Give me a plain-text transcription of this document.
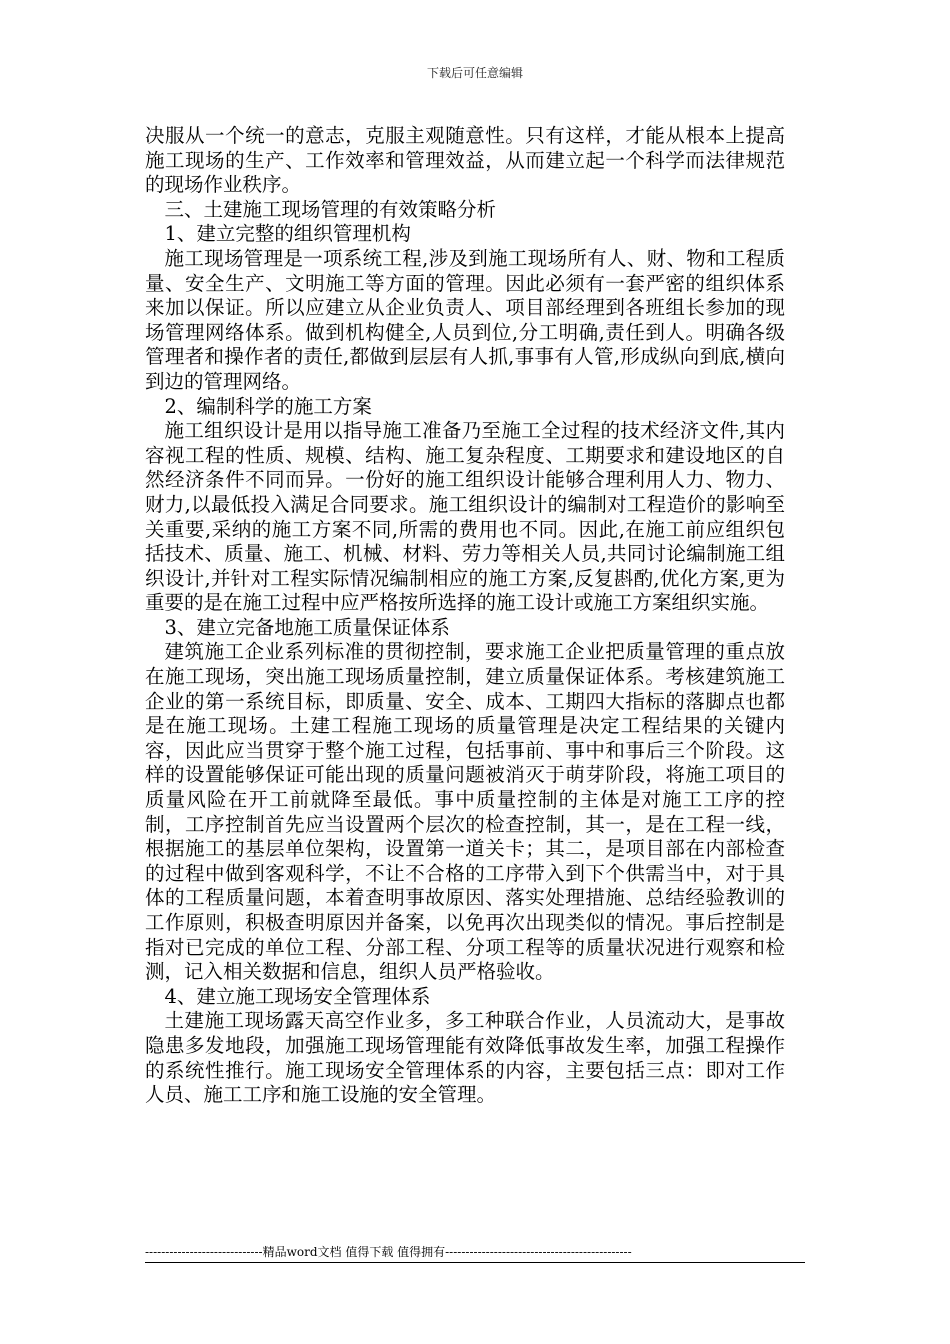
下载后可任意编辑

决服从一个统一的意志，克服主观随意性。只有这样，才能从根本上提高施工现场的生产、工作效率和管理效益，从而建立起一个科学而法律规范的现场作业秩序。

三、土建施工现场管理的有效策略分析

1、建立完整的组织管理机构

施工现场管理是一项系统工程,涉及到施工现场所有人、财、物和工程质量、安全生产、文明施工等方面的管理。因此必须有一套严密的组织体系来加以保证。所以应建立从企业负责人、项目部经理到各班组长参加的现场管理网络体系。做到机构健全,人员到位,分工明确,责任到人。明确各级管理者和操作者的责任,都做到层层有人抓,事事有人管,形成纵向到底,横向到边的管理网络。

2、编制科学的施工方案

施工组织设计是用以指导施工准备乃至施工全过程的技术经济文件,其内容视工程的性质、规模、结构、施工复杂程度、工期要求和建设地区的自然经济条件不同而异。一份好的施工组织设计能够合理利用人力、物力、财力,以最低投入满足合同要求。施工组织设计的编制对工程造价的影响至关重要,采纳的施工方案不同,所需的费用也不同。因此,在施工前应组织包括技术、质量、施工、机械、材料、劳力等相关人员,共同讨论编制施工组织设计,并针对工程实际情况编制相应的施工方案,反复斟酌,优化方案,更为重要的是在施工过程中应严格按所选择的施工设计或施工方案组织实施。

3、建立完备地施工质量保证体系

建筑施工企业系列标准的贯彻控制，要求施工企业把质量管理的重点放在施工现场，突出施工现场质量控制，建立质量保证体系。考核建筑施工企业的第一系统目标，即质量、安全、成本、工期四大指标的落脚点也都是在施工现场。土建工程施工现场的质量管理是决定工程结果的关键内容，因此应当贯穿于整个施工过程，包括事前、事中和事后三个阶段。这样的设置能够保证可能出现的质量问题被消灭于萌芽阶段，将施工项目的质量风险在开工前就降至最低。事中质量控制的主体是对施工工序的控制，工序控制首先应当设置两个层次的检查控制，其一，是在工程一线，根据施工的基层单位架构，设置第一道关卡；其二，是项目部在内部检查的过程中做到客观科学，不让不合格的工序带入到下个供需当中，对于具体的工程质量问题，本着查明事故原因、落实处理措施、总结经验教训的工作原则，积极查明原因并备案，以免再次出现类似的情况。事后控制是指对已完成的单位工程、分部工程、分项工程等的质量状况进行观察和检测，记入相关数据和信息，组织人员严格验收。

4、建立施工现场安全管理体系

土建施工现场露天高空作业多，多工种联合作业，人员流动大，是事故隐患多发地段，加强施工现场管理能有效降低事故发生率，加强工程操作的系统性推行。施工现场安全管理体系的内容，主要包括三点：即对工作人员、施工工序和施工设施的安全管理。

-----------------------------精品word文档 值得下载 值得拥有----------------------------------------------
